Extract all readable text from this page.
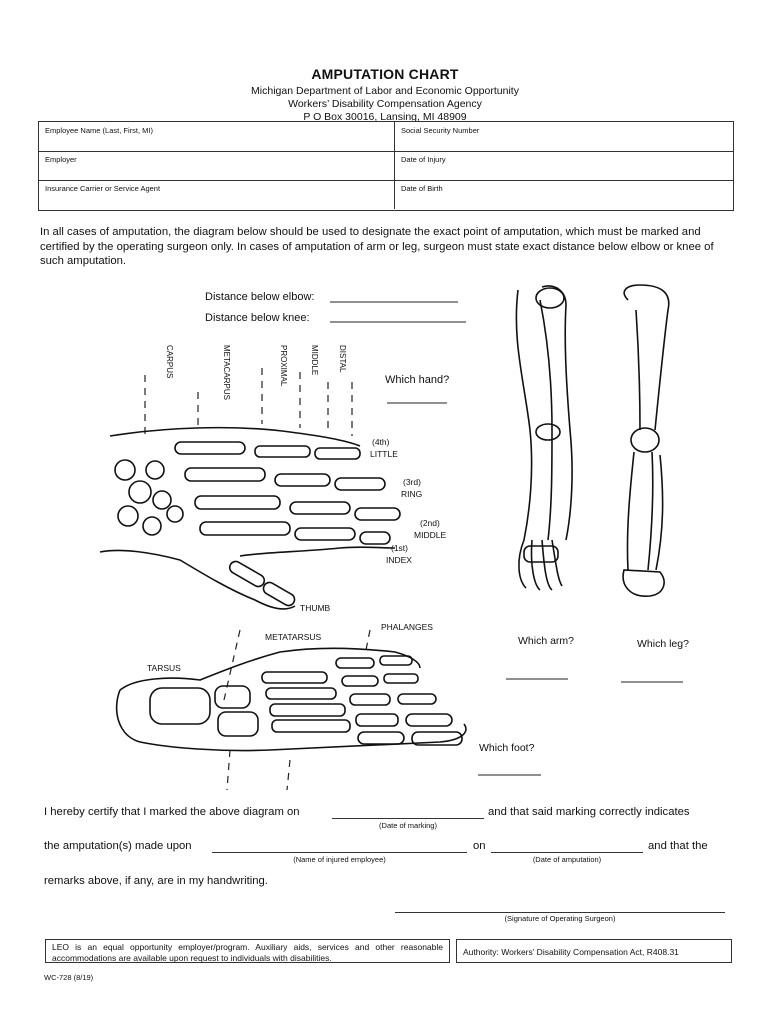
AMPUTATION CHART
Michigan Department of Labor and Economic Opportunity
Workers’ Disability Compensation Agency
P O Box 30016, Lansing, MI 48909
Employee Name (Last, First, MI)	Social Security Number
Employer	Date of Injury
Insurance Carrier or Service Agent	Date of Birth
In all cases of amputation, the diagram below should be used to designate the exact point of amputation, which must be marked and certified by the operating surgeon only. In cases of amputation of arm or leg, surgeon must state exact distance below elbow or knee of such amputation.
Distance below elbow:
Distance below knee:
CARPUS	METACARPUS	PROXIMAL	MIDDLE DISTAL
Which hand?
(4th)
LITTLE
(3rd)
RING
(2nd)
MIDDLE
(1st)
INDEX
THUMB
Which arm?	Which leg?
PHALANGES
METATARSUS
TARSUS
Which foot?
I hereby certify that I marked the above diagram on	and that said marking correctly indicates
(Date of marking)
the amputation(s) made upon	on	and that the
(Name of injured employee)	(Date of amputation)
remarks above, if any, are in my handwriting.
(Signature of Operating Surgeon)
LEO is an equal opportunity employer/program. Auxiliary aids, services and other reasonable accommodations are available upon request to individuals with disabilities.
Authority: Workers’ Disability Compensation Act, R408.31
WC-728 (8/19)
